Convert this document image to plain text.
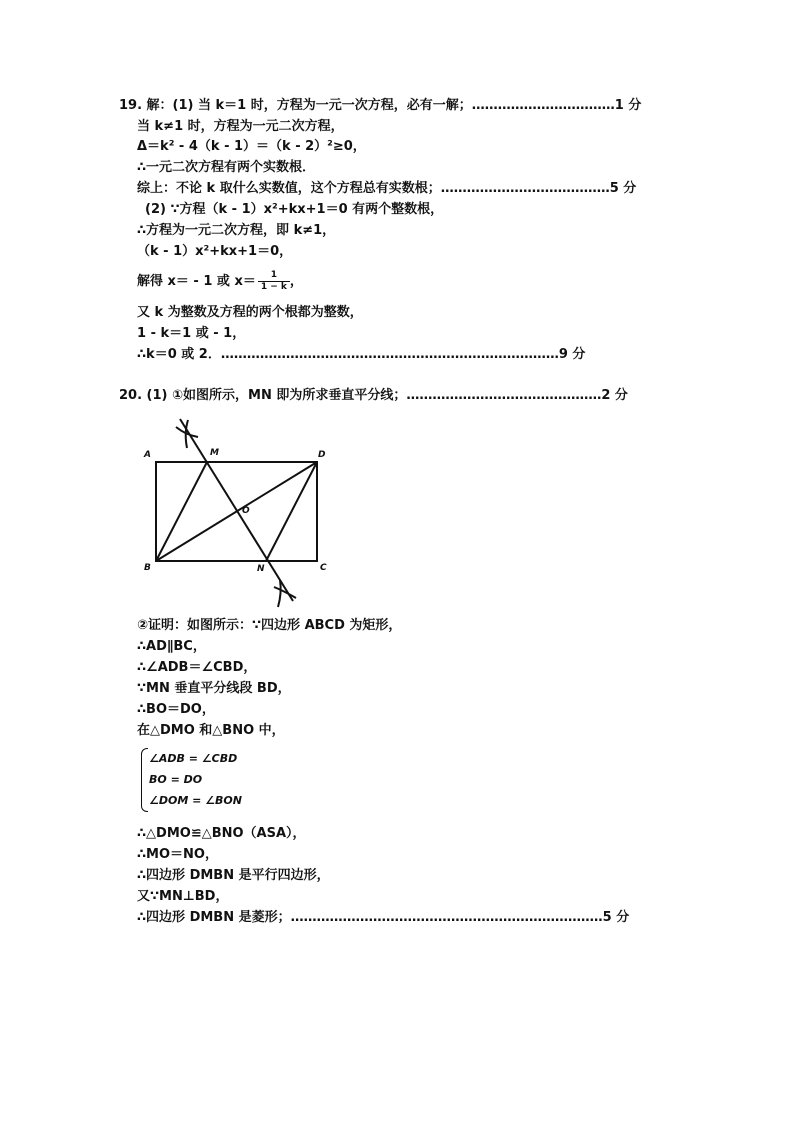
19. 解：(1) 当 k＝1 时，方程为一元一次方程，必有一解；……………………………1 分
当 k≠1 时，方程为一元二次方程，
Δ＝k² - 4（k - 1）＝（k - 2）²≥0，
∴一元二次方程有两个实数根．
综上：不论 k 取什么实数值，这个方程总有实数根；…………………………………5 分
(2) ∵方程（k - 1）x²+kx+1＝0 有两个整数根，
∴方程为一元二次方程，即 k≠1，
（k - 1）x²+kx+1＝0，
解得 x＝ - 1 或 $x= \frac{1}{1 - k}$ ，
又 k 为整数及方程的两个根都为整数，
1 - k＝1 或 - 1，
∴k＝0 或 2．……………………………………………………………………9 分
20. (1) ①如图所示，MN 即为所求垂直平分线；………………………………………2 分
A	M	D
O
B	N	C
②证明：如图所示：∵四边形 ABCD 为矩形，
∴AD∥BC，
∴∠ADB＝∠CBD，
∵MN 垂直平分线段 BD，
∴BO＝DO，
在△DMO 和△BNO 中，
∠ADB = ∠CBD
BO = DO
∠DOM = ∠BON
∴△DMO≌△BNO（ASA），
∴MO＝NO，
∴四边形 DMBN 是平行四边形，
又∵MN⊥BD，
∴四边形 DMBN 是菱形；………………………………………………………………5 分
